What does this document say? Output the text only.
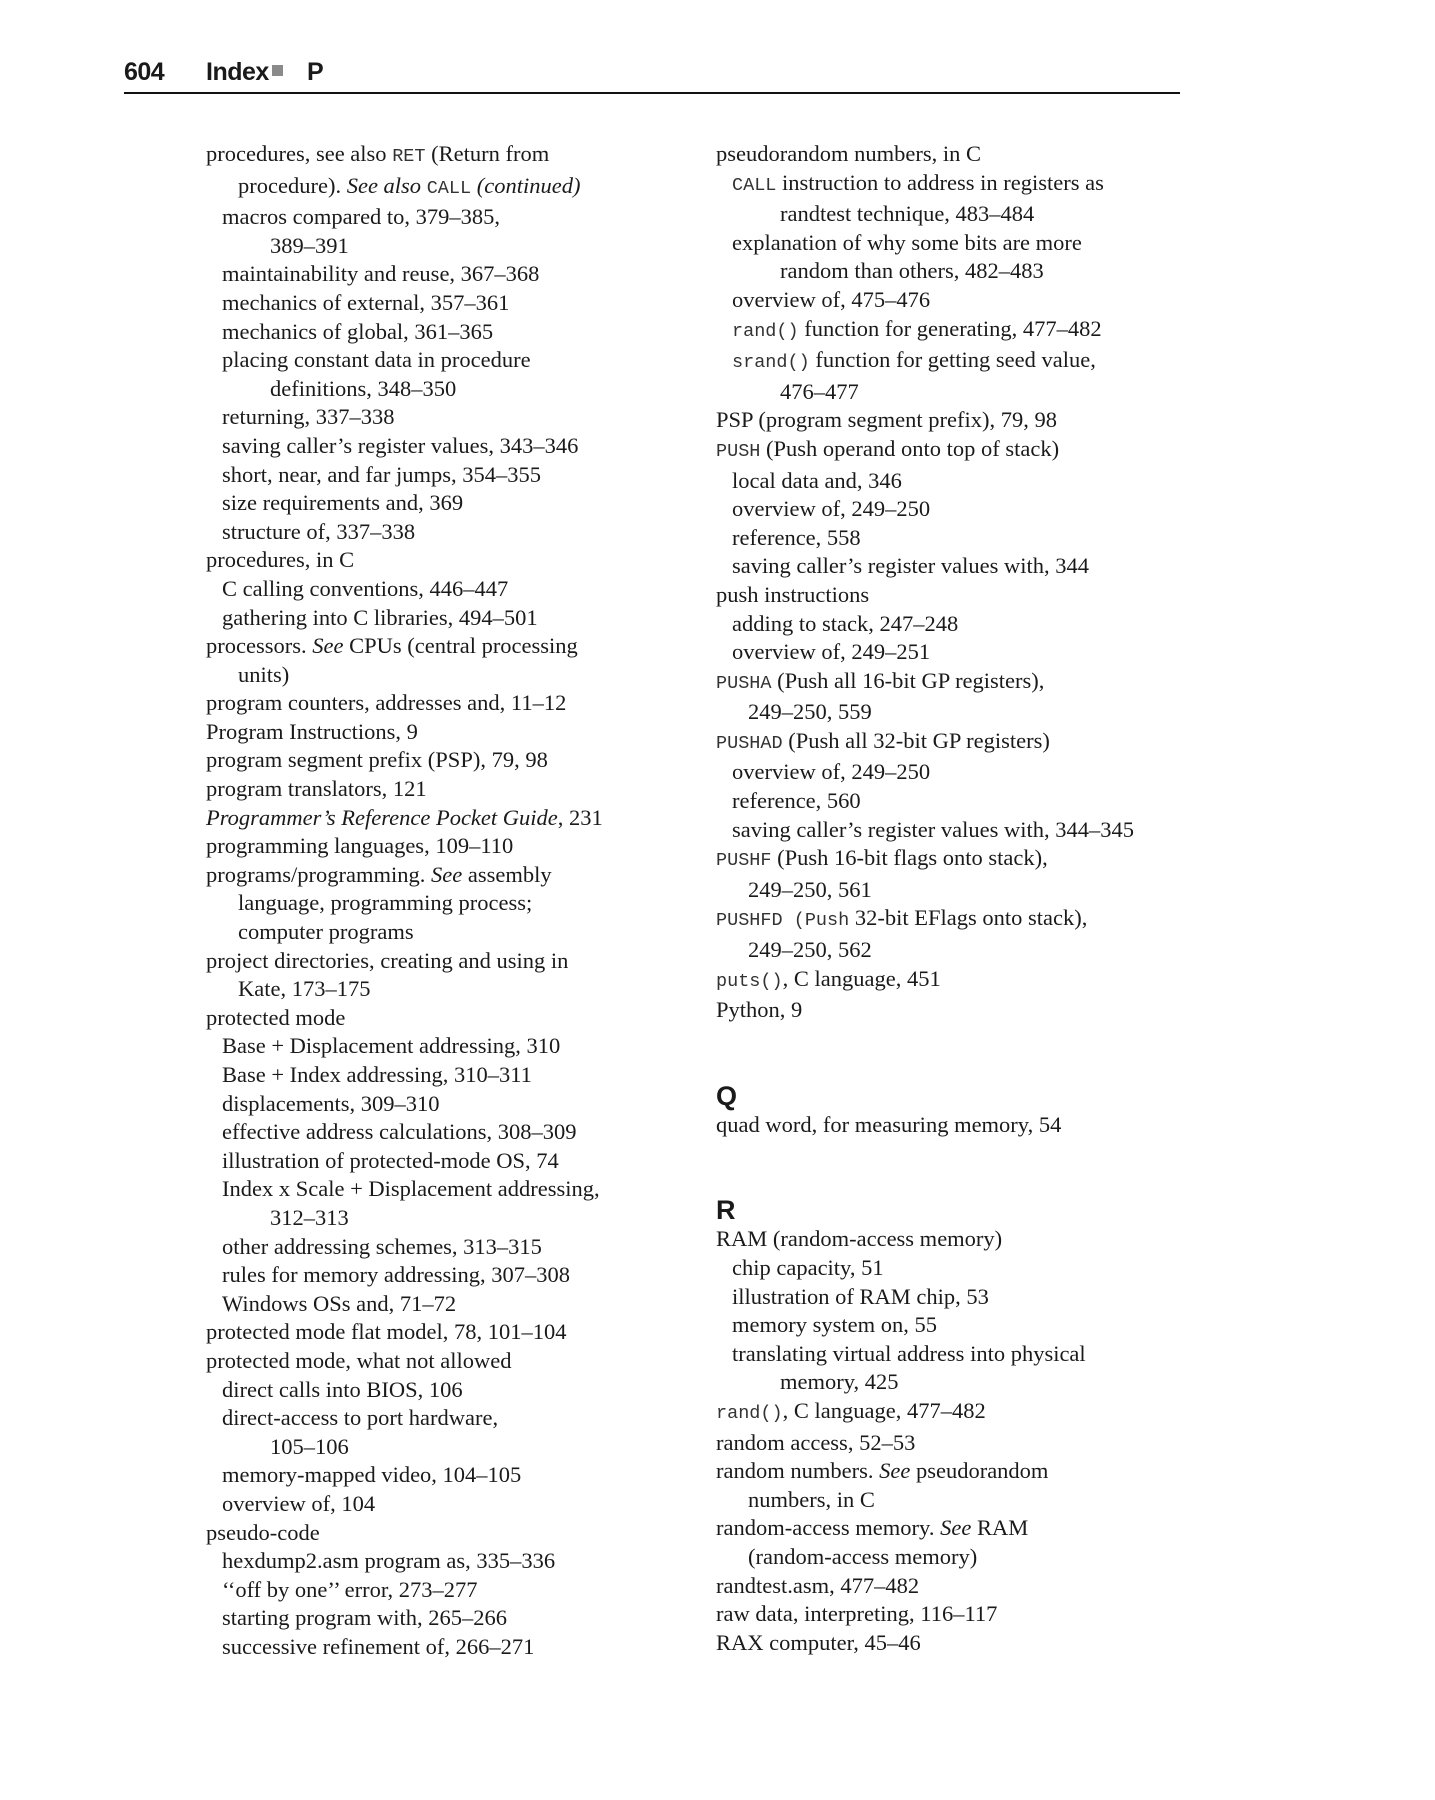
604 Index P
procedures, see also RET (Return from
procedure). See also CALL (continued)
macros compared to, 379–385,
389–391
maintainability and reuse, 367–368
mechanics of external, 357–361
mechanics of global, 361–365
placing constant data in procedure
definitions, 348–350
returning, 337–338
saving caller’s register values, 343–346
short, near, and far jumps, 354–355
size requirements and, 369
structure of, 337–338
procedures, in C
C calling conventions, 446–447
gathering into C libraries, 494–501
processors. See CPUs (central processing
units)
program counters, addresses and, 11–12
Program Instructions, 9
program segment prefix (PSP), 79, 98
program translators, 121
Programmer’s Reference Pocket Guide, 231
programming languages, 109–110
programs/programming. See assembly
language, programming process;
computer programs
project directories, creating and using in
Kate, 173–175
protected mode
Base + Displacement addressing, 310
Base + Index addressing, 310–311
displacements, 309–310
effective address calculations, 308–309
illustration of protected-mode OS, 74
Index x Scale + Displacement addressing,
312–313
other addressing schemes, 313–315
rules for memory addressing, 307–308
Windows OSs and, 71–72
protected mode flat model, 78, 101–104
protected mode, what not allowed
direct calls into BIOS, 106
direct-access to port hardware,
105–106
memory-mapped video, 104–105
overview of, 104
pseudo-code
hexdump2.asm program as, 335–336
‘‘off by one’’ error, 273–277
starting program with, 265–266
successive refinement of, 266–271
pseudorandom numbers, in C
CALL instruction to address in registers as
randtest technique, 483–484
explanation of why some bits are more
random than others, 482–483
overview of, 475–476
rand() function for generating, 477–482
srand() function for getting seed value,
476–477
PSP (program segment prefix), 79, 98
PUSH (Push operand onto top of stack)
local data and, 346
overview of, 249–250
reference, 558
saving caller’s register values with, 344
push instructions
adding to stack, 247–248
overview of, 249–251
PUSHA (Push all 16-bit GP registers),
249–250, 559
PUSHAD (Push all 32-bit GP registers)
overview of, 249–250
reference, 560
saving caller’s register values with, 344–345
PUSHF (Push 16-bit flags onto stack),
249–250, 561
PUSHFD (Push 32-bit EFlags onto stack),
249–250, 562
puts(), C language, 451
Python, 9
Q
quad word, for measuring memory, 54
R
RAM (random-access memory)
chip capacity, 51
illustration of RAM chip, 53
memory system on, 55
translating virtual address into physical
memory, 425
rand(), C language, 477–482
random access, 52–53
random numbers. See pseudorandom
numbers, in C
random-access memory. See RAM
(random-access memory)
randtest.asm, 477–482
raw data, interpreting, 116–117
RAX computer, 45–46
